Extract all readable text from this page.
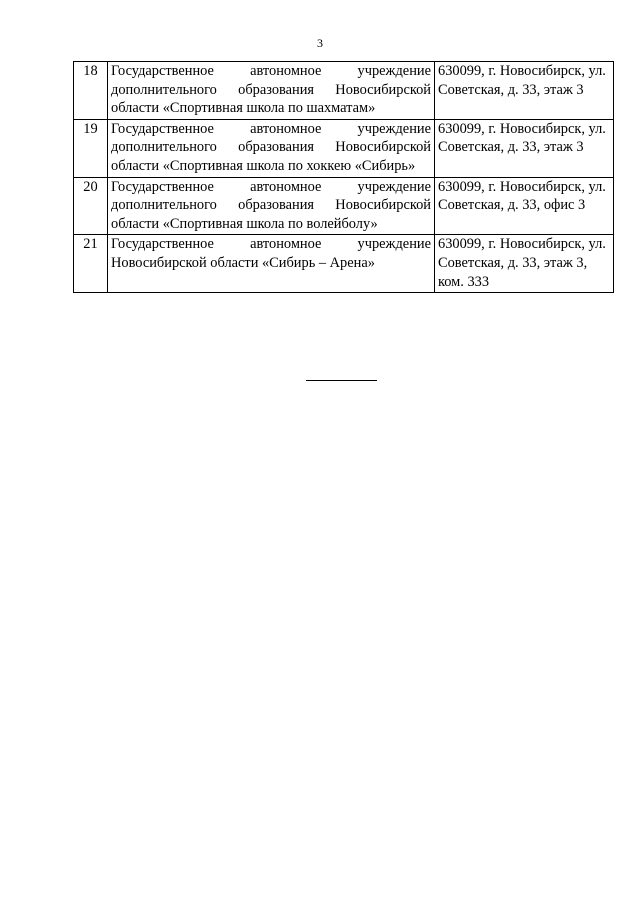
3
18	Государственное автономное учреждение дополнительного образования Новосибирской области «Спортивная школа по шахматам»	630099, г. Новосибирск, ул. Советская, д. 33, этаж 3
19	Государственное автономное учреждение дополнительного образования Новосибирской области «Спортивная школа по хоккею «Сибирь»	630099, г. Новосибирск, ул. Советская, д. 33, этаж 3
20	Государственное автономное учреждение дополнительного образования Новосибирской области «Спортивная школа по волейболу»	630099, г. Новосибирск, ул. Советская, д. 33, офис 3
21	Государственное автономное учреждение Новосибирской области «Сибирь – Арена»	630099, г. Новосибирск, ул. Советская, д. 33, этаж 3, ком. 333
